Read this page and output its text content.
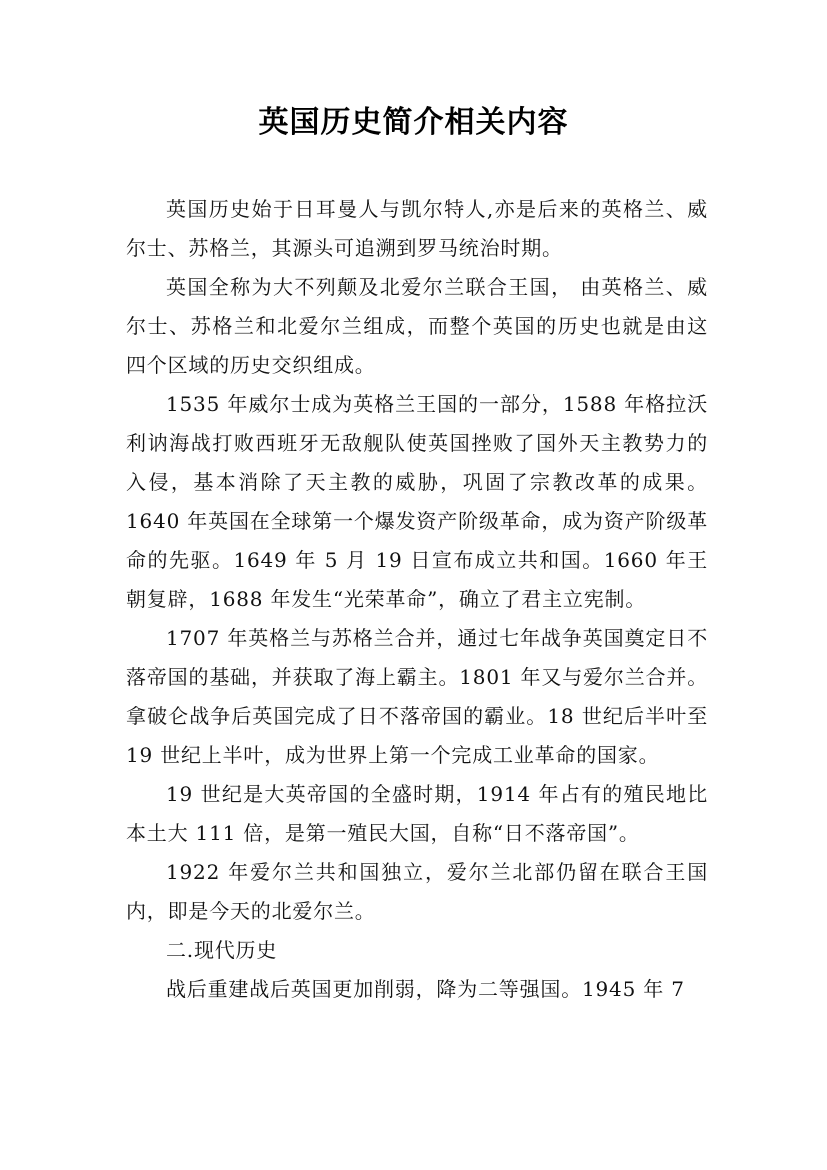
英国历史简介相关内容

英国历史始于日耳曼人与凯尔特人,亦是后来的英格兰、威尔士、苏格兰，其源头可追溯到罗马统治时期。

英国全称为大不列颠及北爱尔兰联合王国， 由英格兰、威尔士、苏格兰和北爱尔兰组成，而整个英国的历史也就是由这四个区域的历史交织组成。

1535 年威尔士成为英格兰王国的一部分，1588 年格拉沃利讷海战打败西班牙无敌舰队使英国挫败了国外天主教势力的入侵，基本消除了天主教的威胁，巩固了宗教改革的成果。1640 年英国在全球第一个爆发资产阶级革命，成为资产阶级革命的先驱。1649 年 5 月 19 日宣布成立共和国。1660 年王朝复辟，1688 年发生“光荣革命”，确立了君主立宪制。

1707 年英格兰与苏格兰合并，通过七年战争英国奠定日不落帝国的基础，并获取了海上霸主。1801 年又与爱尔兰合并。拿破仑战争后英国完成了日不落帝国的霸业。18 世纪后半叶至 19 世纪上半叶，成为世界上第一个完成工业革命的国家。

19 世纪是大英帝国的全盛时期，1914 年占有的殖民地比本土大 111 倍，是第一殖民大国，自称“日不落帝国”。

1922 年爱尔兰共和国独立，爱尔兰北部仍留在联合王国内，即是今天的北爱尔兰。

二.现代历史

战后重建战后英国更加削弱，降为二等强国。1945 年 7
